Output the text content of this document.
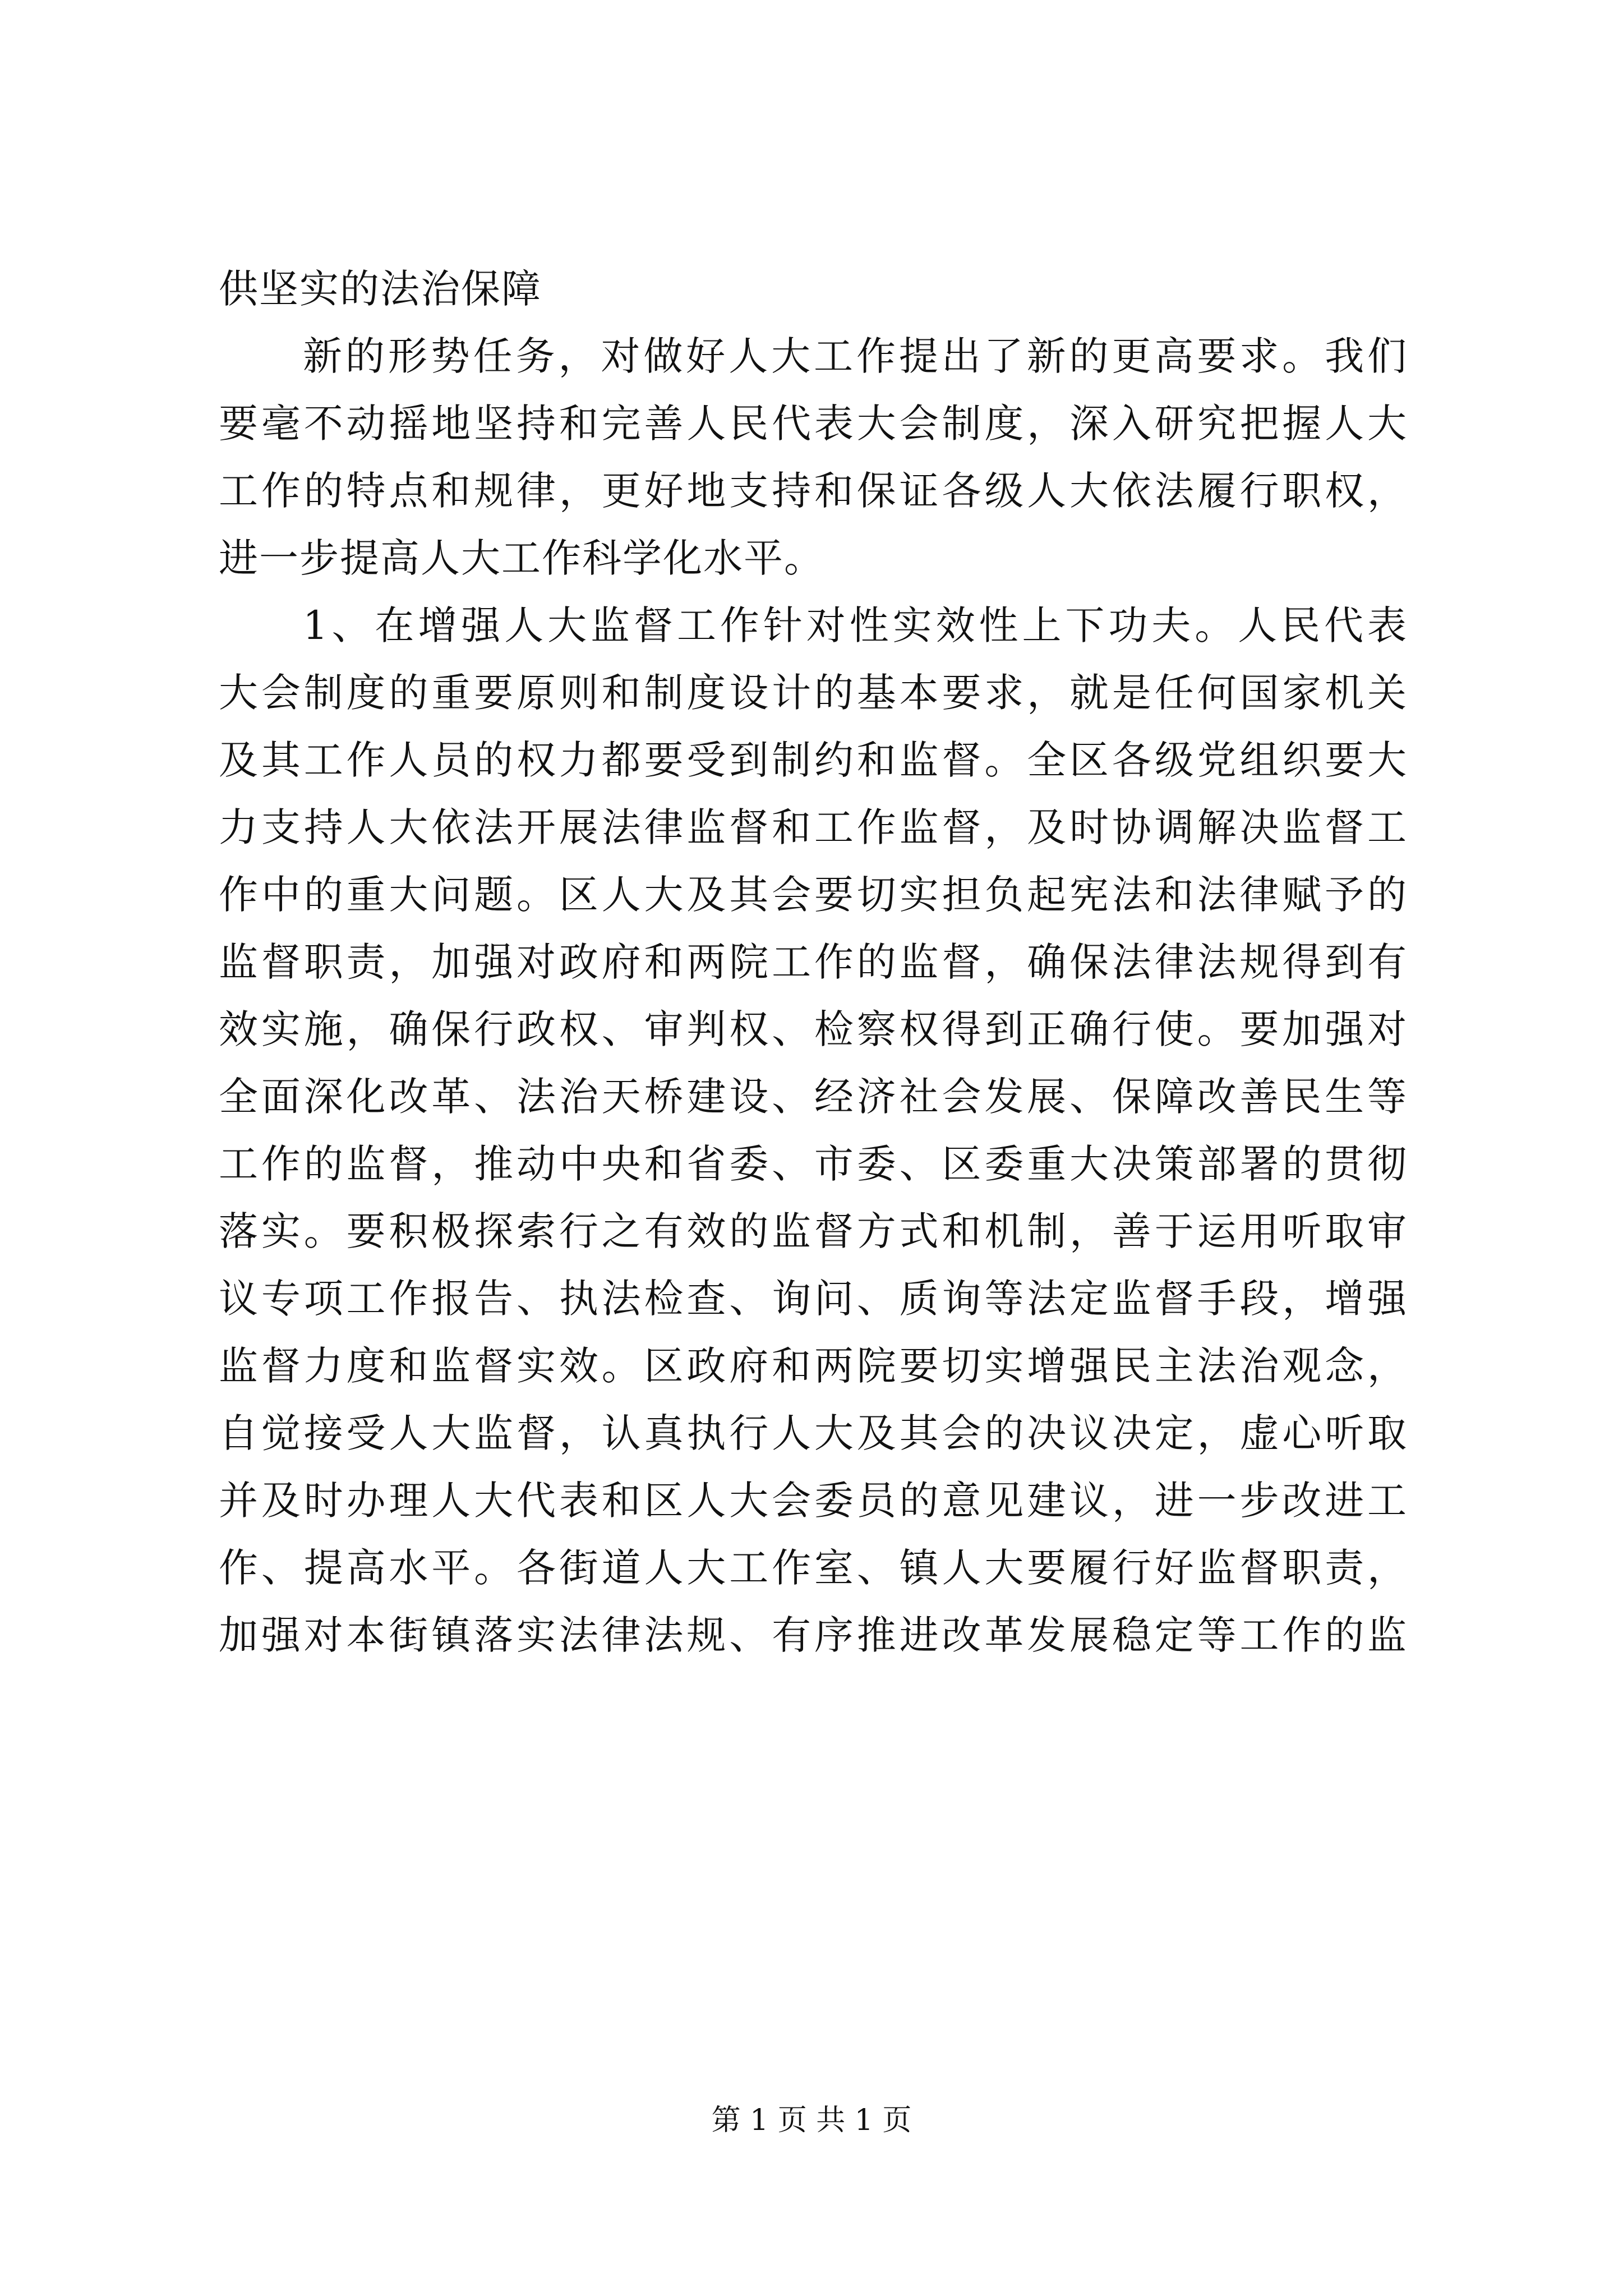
供坚实的法治保障
新的形势任务，对做好人大工作提出了新的更高要求。我们
要毫不动摇地坚持和完善人民代表大会制度，深入研究把握人大
工作的特点和规律，更好地支持和保证各级人大依法履行职权，
进一步提高人大工作科学化水平。
1、在增强人大监督工作针对性实效性上下功夫。人民代表
大会制度的重要原则和制度设计的基本要求，就是任何国家机关
及其工作人员的权力都要受到制约和监督。全区各级党组织要大
力支持人大依法开展法律监督和工作监督，及时协调解决监督工
作中的重大问题。区人大及其会要切实担负起宪法和法律赋予的
监督职责，加强对政府和两院工作的监督，确保法律法规得到有
效实施，确保行政权、审判权、检察权得到正确行使。要加强对
全面深化改革、法治天桥建设、经济社会发展、保障改善民生等
工作的监督，推动中央和省委、市委、区委重大决策部署的贯彻
落实。要积极探索行之有效的监督方式和机制，善于运用听取审
议专项工作报告、执法检查、询问、质询等法定监督手段，增强
监督力度和监督实效。区政府和两院要切实增强民主法治观念，
自觉接受人大监督，认真执行人大及其会的决议决定，虚心听取
并及时办理人大代表和区人大会委员的意见建议，进一步改进工
作、提高水平。各街道人大工作室、镇人大要履行好监督职责，
加强对本街镇落实法律法规、有序推进改革发展稳定等工作的监
第 1 页 共 1 页
